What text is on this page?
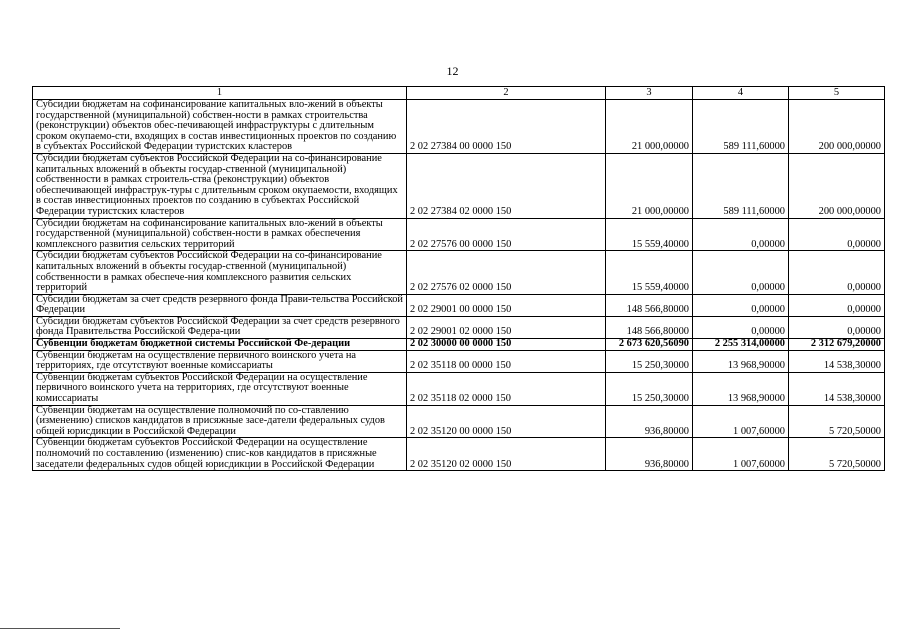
12
1	2	3	4	5
Субсидии бюджетам на софинансирование капитальных вло-жений в объекты государственной (муниципальной) собствен-ности в рамках строительства (реконструкции) объектов обес-печивающей инфраструктуры с длительным сроком окупаемо-сти, входящих в состав инвестиционных проектов по созданию в субъектах Российской Федерации туристских кластеров	2 02 27384 00 0000 150	21 000,00000	589 111,60000	200 000,00000
Субсидии бюджетам субъектов Российской Федерации на со-финансирование капитальных вложений в объекты государ-ственной (муниципальной) собственности в рамках строитель-ства (реконструкции) объектов обеспечивающей инфраструк-туры с длительным сроком окупаемости, входящих в состав инвестиционных проектов по созданию в субъектах Российской Федерации туристских кластеров	2 02 27384 02 0000 150	21 000,00000	589 111,60000	200 000,00000
Субсидии бюджетам на софинансирование капитальных вло-жений в объекты государственной (муниципальной) собствен-ности в рамках обеспечения комплексного развития сельских территорий	2 02 27576 00 0000 150	15 559,40000	0,00000	0,00000
Субсидии бюджетам субъектов Российской Федерации на со-финансирование капитальных вложений в объекты государ-ственной (муниципальной) собственности в рамках обеспече-ния комплексного развития сельских территорий	2 02 27576 02 0000 150	15 559,40000	0,00000	0,00000
Субсидии бюджетам за счет средств резервного фонда Прави-тельства Российской Федерации	2 02 29001 00 0000 150	148 566,80000	0,00000	0,00000
Субсидии бюджетам субъектов Российской Федерации за счет средств резервного фонда Правительства Российской Федера-ции	2 02 29001 02 0000 150	148 566,80000	0,00000	0,00000
Субвенции бюджетам бюджетной системы Российской Фе-дерации	2 02 30000 00 0000 150	2 673 620,56090	2 255 314,00000	2 312 679,20000
Субвенции бюджетам на осуществление первичного воинского учета на территориях, где отсутствуют военные комиссариаты	2 02 35118 00 0000 150	15 250,30000	13 968,90000	14 538,30000
Субвенции бюджетам субъектов Российской Федерации на осуществление первичного воинского учета на территориях, где отсутствуют военные комиссариаты	2 02 35118 02 0000 150	15 250,30000	13 968,90000	14 538,30000
Субвенции бюджетам на осуществление полномочий по со-ставлению (изменению) списков кандидатов в присяжные засе-датели федеральных судов общей юрисдикции в Российской Федерации	2 02 35120 00 0000 150	936,80000	1 007,60000	5 720,50000
Субвенции бюджетам субъектов Российской Федерации на осуществление полномочий по составлению (изменению) спис-ков кандидатов в присяжные заседатели федеральных судов общей юрисдикции в Российской Федерации	2 02 35120 02 0000 150	936,80000	1 007,60000	5 720,50000
